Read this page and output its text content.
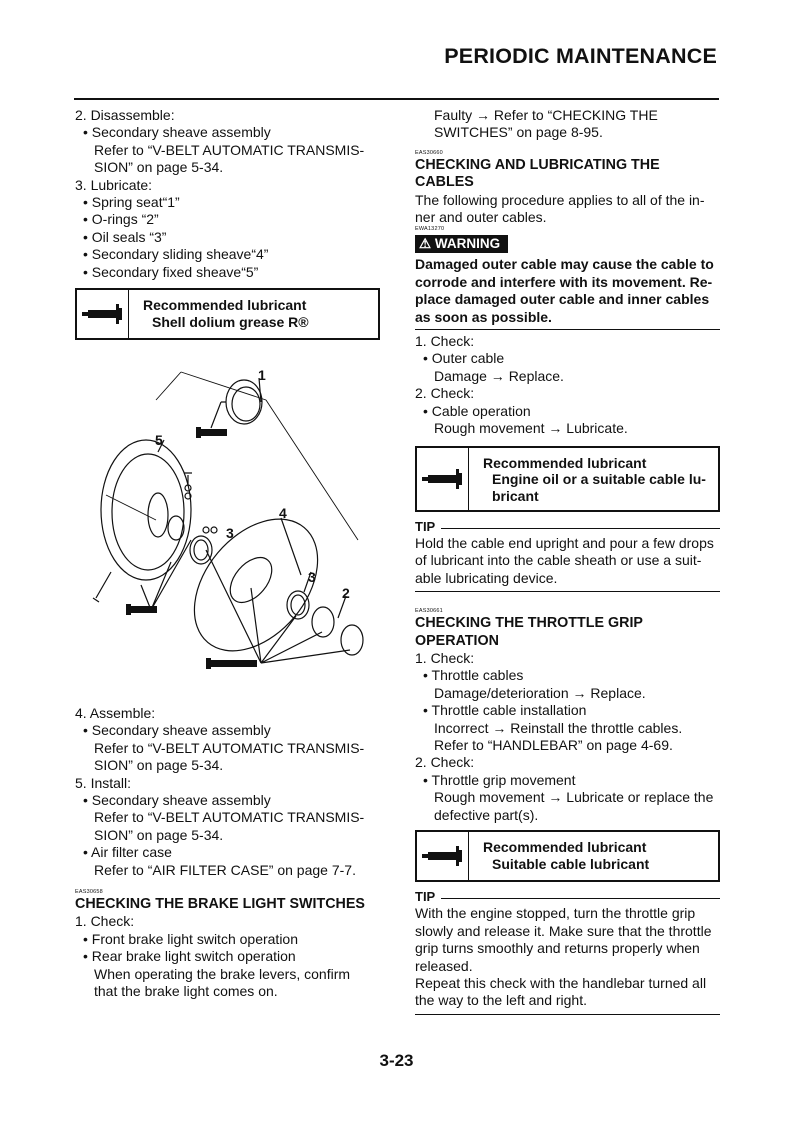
PERIODIC MAINTENANCE
2. Disassemble:
• Secondary sheave assembly
Refer to “V-BELT AUTOMATIC TRANSMIS-
SION” on page 5-34.
3. Lubricate:
• Spring seat“1”
• O-rings “2”
• Oil seals “3”
• Secondary sliding sheave“4”
• Secondary fixed sheave“5”
Recommended lubricant
Shell dolium grease R®
1
2
3
3
4
5
4. Assemble:
• Secondary sheave assembly
Refer to “V-BELT AUTOMATIC TRANSMIS-
SION” on page 5-34.
5. Install:
• Secondary sheave assembly
Refer to “V-BELT AUTOMATIC TRANSMIS-
SION” on page 5-34.
• Air filter case
Refer to “AIR FILTER CASE” on page 7-7.
EAS30658
CHECKING THE BRAKE LIGHT SWITCHES
1. Check:
• Front brake light switch operation
• Rear brake light switch operation
When operating the brake levers, confirm
that the brake light comes on.
Faulty → Refer to “CHECKING THE
SWITCHES” on page 8-95.
EAS30660
CHECKING AND LUBRICATING THE
CABLES
The following procedure applies to all of the in-
ner and outer cables.
EWA13270
⚠ WARNING
Damaged outer cable may cause the cable to
corrode and interfere with its movement. Re-
place damaged outer cable and inner cables
as soon as possible.
1. Check:
• Outer cable
Damage → Replace.
2. Check:
• Cable operation
Rough movement → Lubricate.
Recommended lubricant
Engine oil or a suitable cable lu-
bricant
TIP
Hold the cable end upright and pour a few drops
of lubricant into the cable sheath or use a suit-
able lubricating device.
EAS30661
CHECKING THE THROTTLE GRIP
OPERATION
1. Check:
• Throttle cables
Damage/deterioration → Replace.
• Throttle cable installation
Incorrect → Reinstall the throttle cables.
Refer to “HANDLEBAR” on page 4-69.
2. Check:
• Throttle grip movement
Rough movement → Lubricate or replace the
defective part(s).
Recommended lubricant
Suitable cable lubricant
TIP
With the engine stopped, turn the throttle grip
slowly and release it. Make sure that the throttle
grip turns smoothly and returns properly when
released.
Repeat this check with the handlebar turned all
the way to the left and right.
3-23
